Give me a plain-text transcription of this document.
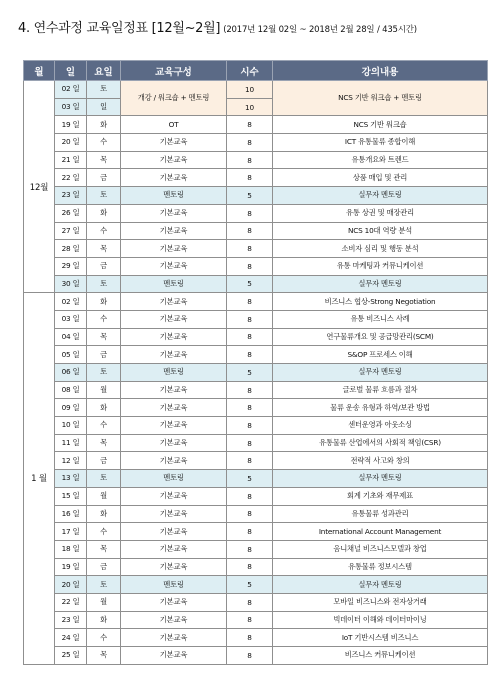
4. 연수과정 교육일정표 [12월~2월] (2017년 12월 02일 ~ 2018년 2월 28일 / 435시간)
월	일	요일	교육구성	시수	강의내용
12월	02 일	토	개강 / 워크숍 + 멘토링	10	NCS 기반 워크숍 + 멘토링
	03 일	일		10	
	19 일	화	OT	8	NCS 기반 워크숍
	20 일	수	기본교육	8	ICT 유통물류 종합이해
	21 일	목	기본교육	8	유통개요와 트렌드
	22 일	금	기본교육	8	상품 매입 및 관리
	23 일	토	멘토링	5	실무자 멘토링
	26 일	화	기본교육	8	유통 상권 및 매장관리
	27 일	수	기본교육	8	NCS 10대 역량 분석
	28 일	목	기본교육	8	소비자 심리 및 행동 분석
	29 일	금	기본교육	8	유통 마케팅과 커뮤니케이션
	30 일	토	멘토링	5	실무자 멘토링
1 월	02 일	화	기본교육	8	비즈니스 협상-Strong Negotiation
	03 일	수	기본교육	8	유통 비즈니스 사례
	04 일	목	기본교육	8	연구물류개요 및 공급망관리(SCM)
	05 일	금	기본교육	8	S&OP 프로세스 이해
	06 일	토	멘토링	5	실무자 멘토링
	08 일	월	기본교육	8	글로벌 물류 흐름과 절차
	09 일	화	기본교육	8	물류 운송 유형과 하역/보관 방법
	10 일	수	기본교육	8	센터운영과 아웃소싱
	11 일	목	기본교육	8	유통물류 산업에서의 사회적 책임(CSR)
	12 일	금	기본교육	8	전략적 사고와 창의
	13 일	토	멘토링	5	실무자 멘토링
	15 일	월	기본교육	8	회계 기초와 재무제표
	16 일	화	기본교육	8	유통물류 성과관리
	17 일	수	기본교육	8	International Account Management
	18 일	목	기본교육	8	옴니채널 비즈니스모델과 창업
	19 일	금	기본교육	8	유통물류 정보시스템
	20 일	토	멘토링	5	실무자 멘토링
	22 일	월	기본교육	8	모바일 비즈니스와 전자상거래
	23 일	화	기본교육	8	빅데이터 이해와 데이터마이닝
	24 일	수	기본교육	8	IoT 기반시스템 비즈니스
	25 일	목	기본교육	8	비즈니스 커뮤니케이션
